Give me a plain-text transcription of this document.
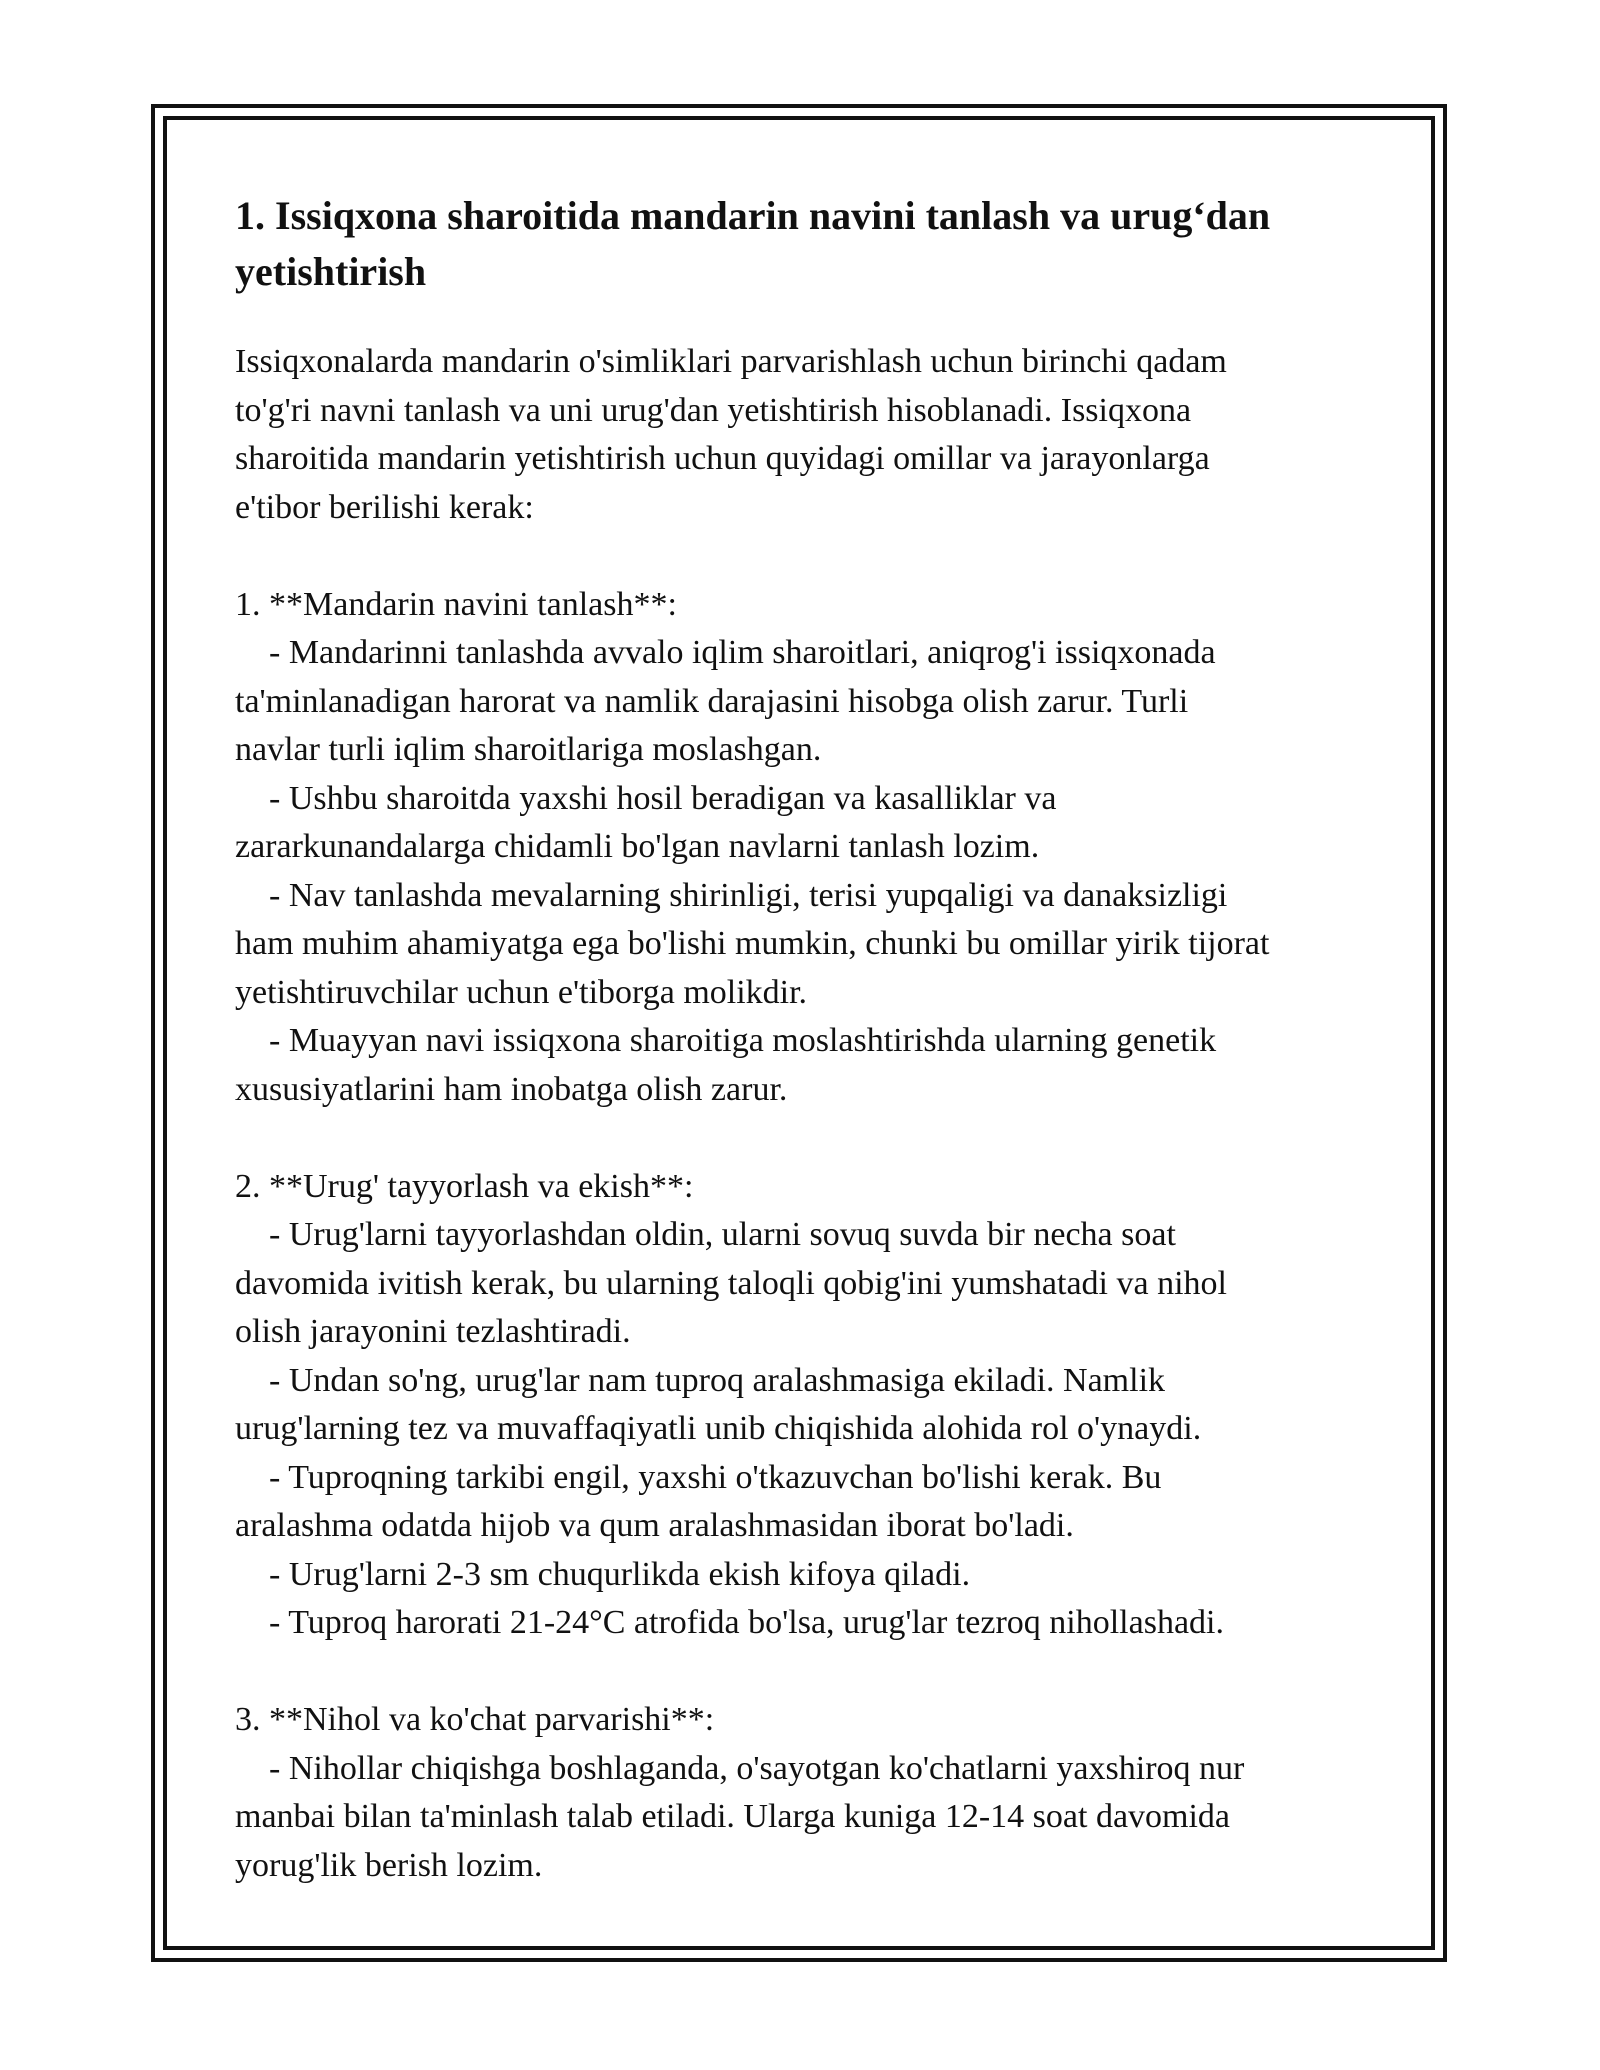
1. Issiqxona sharoitida mandarin navini tanlash va urug‘dan
yetishtirish
Issiqxonalarda mandarin o'simliklari parvarishlash uchun birinchi qadam
to'g'ri navni tanlash va uni urug'dan yetishtirish hisoblanadi. Issiqxona
sharoitida mandarin yetishtirish uchun quyidagi omillar va jarayonlarga
e'tibor berilishi kerak:
1. **Mandarin navini tanlash**:
- Mandarinni tanlashda avvalo iqlim sharoitlari, aniqrog'i issiqxonada
ta'minlanadigan harorat va namlik darajasini hisobga olish zarur. Turli
navlar turli iqlim sharoitlariga moslashgan.
- Ushbu sharoitda yaxshi hosil beradigan va kasalliklar va
zararkunandalarga chidamli bo'lgan navlarni tanlash lozim.
- Nav tanlashda mevalarning shirinligi, terisi yupqaligi va danaksizligi
ham muhim ahamiyatga ega bo'lishi mumkin, chunki bu omillar yirik tijorat
yetishtiruvchilar uchun e'tiborga molikdir.
- Muayyan navi issiqxona sharoitiga moslashtirishda ularning genetik
xususiyatlarini ham inobatga olish zarur.
2. **Urug' tayyorlash va ekish**:
- Urug'larni tayyorlashdan oldin, ularni sovuq suvda bir necha soat
davomida ivitish kerak, bu ularning taloqli qobig'ini yumshatadi va nihol
olish jarayonini tezlashtiradi.
- Undan so'ng, urug'lar nam tuproq aralashmasiga ekiladi. Namlik
urug'larning tez va muvaffaqiyatli unib chiqishida alohida rol o'ynaydi.
- Tuproqning tarkibi engil, yaxshi o'tkazuvchan bo'lishi kerak. Bu
aralashma odatda hijob va qum aralashmasidan iborat bo'ladi.
- Urug'larni 2-3 sm chuqurlikda ekish kifoya qiladi.
- Tuproq harorati 21-24°C atrofida bo'lsa, urug'lar tezroq nihollashadi.
3. **Nihol va ko'chat parvarishi**:
- Nihollar chiqishga boshlaganda, o'sayotgan ko'chatlarni yaxshiroq nur
manbai bilan ta'minlash talab etiladi. Ularga kuniga 12-14 soat davomida
yorug'lik berish lozim.
